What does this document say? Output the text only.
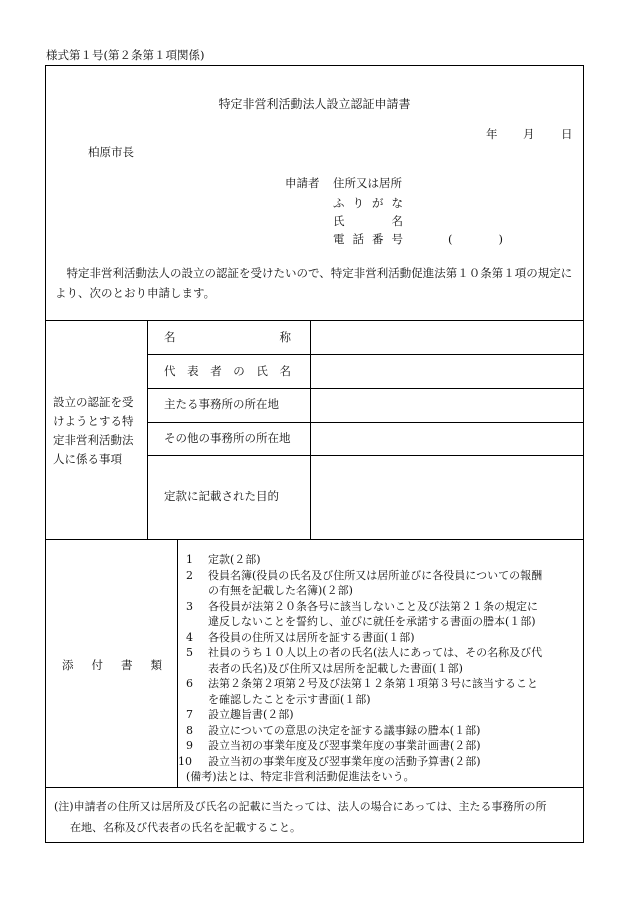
様式第１号(第２条第１項関係)
特定非営利活動法人設立認証申請書
年 月 日
柏原市長
申請者 住所又は居所
ふ り が な
氏	名
電 話 番 号	(　　　　)
　特定非営利活動法人の設立の認証を受けたいので、特定非営利活動促進法第１０条第１項の規定により、次のとおり申請します。
設立の認証を受
けようとする特
定非営利活動法
人に係る事項
名	称
代 表 者 の 氏 名
主たる事務所の所在地
その他の事務所の所在地
定款に記載された目的
添 付 書 類
1 定款(２部)
2 役員名簿(役員の氏名及び住所又は居所並びに各役員についての報酬
の有無を記載した名簿)(２部)
3 各役員が法第２０条各号に該当しないこと及び法第２１条の規定に
違反しないことを誓約し、並びに就任を承諾する書面の謄本(１部)
4 各役員の住所又は居所を証する書面(１部)
5 社員のうち１０人以上の者の氏名(法人にあっては、その名称及び代
表者の氏名)及び住所又は居所を記載した書面(１部)
6 法第２条第２項第２号及び法第１２条第１項第３号に該当すること
を確認したことを示す書面(１部)
7 設立趣旨書(２部)
8 設立についての意思の決定を証する議事録の謄本(１部)
9 設立当初の事業年度及び翌事業年度の事業計画書(２部)
10 設立当初の事業年度及び翌事業年度の活動予算書(２部)
(備考)法とは、特定非営利活動促進法をいう。
(注)申請者の住所又は居所及び氏名の記載に当たっては、法人の場合にあっては、主たる事務所の所
在地、名称及び代表者の氏名を記載すること。
